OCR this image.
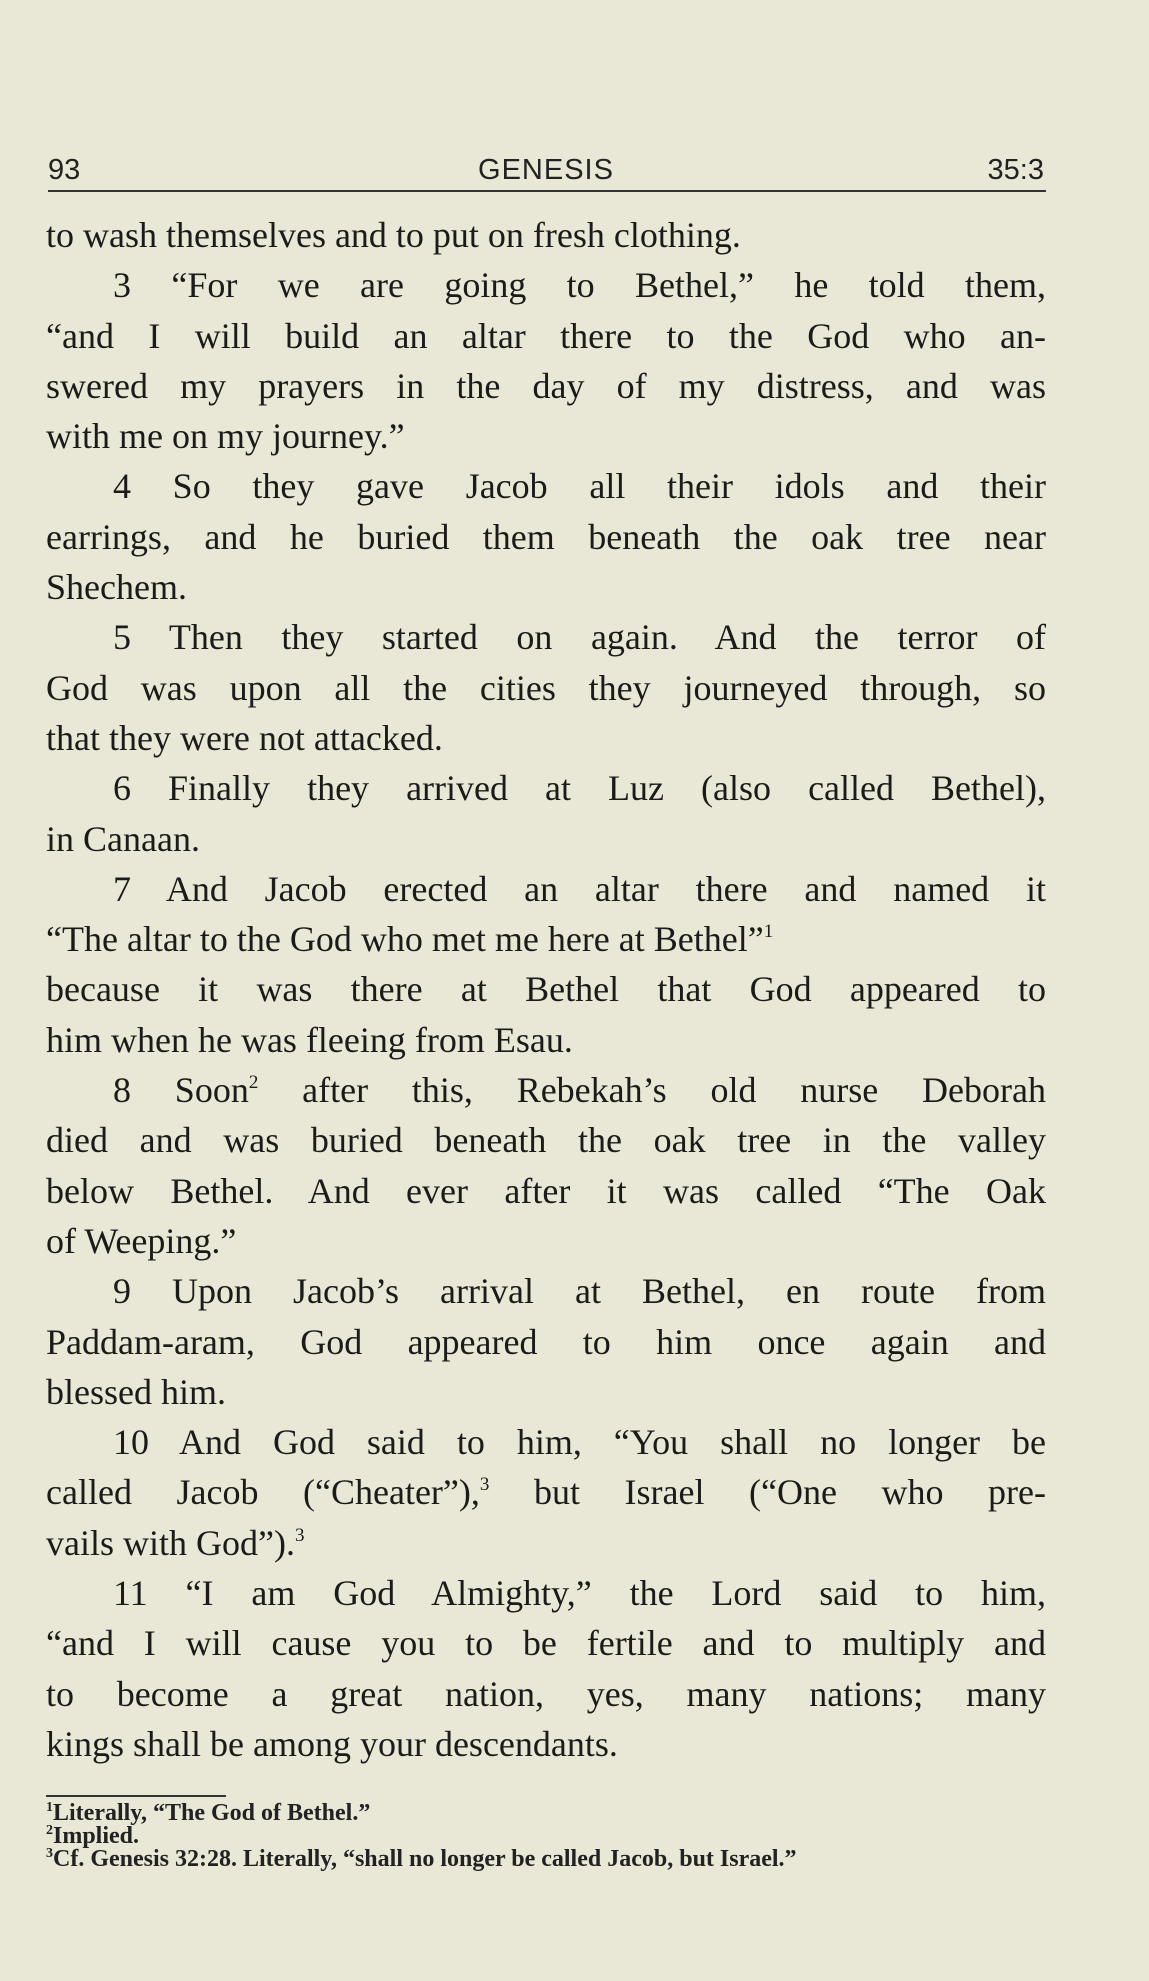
93	GENESIS	35:3
to wash themselves and to put on fresh clothing.
3 “For we are going to Bethel,” he told them,
“and I will build an altar there to the God who an-
swered my prayers in the day of my distress, and was
with me on my journey.”
4 So they gave Jacob all their idols and their
earrings, and he buried them beneath the oak tree near
Shechem.
5 Then they started on again. And the terror of
God was upon all the cities they journeyed through, so
that they were not attacked.
6 Finally they arrived at Luz (also called Bethel),
in Canaan.
7 And Jacob erected an altar there and named it
“The altar to the God who met me here at Bethel”$^1$
because it was there at Bethel that God appeared to
him when he was fleeing from Esau.
8 Soon$^2$ after this, Rebekah’s old nurse Deborah
died and was buried beneath the oak tree in the valley
below Bethel. And ever after it was called “The Oak
of Weeping.”
9 Upon Jacob’s arrival at Bethel, en route from
Paddam-aram, God appeared to him once again and
blessed him.
10 And God said to him, “You shall no longer be
called Jacob (“Cheater”),$^3$ but Israel (“One who pre-
vails with God”).$^3$
11 “I am God Almighty,” the Lord said to him,
“and I will cause you to be fertile and to multiply and
to become a great nation, yes, many nations; many
kings shall be among your descendants.
$^1$Literally, “The God of Bethel.”
$^2$Implied.
$^3$Cf. Genesis 32:28. Literally, “shall no longer be called Jacob, but Israel.”
